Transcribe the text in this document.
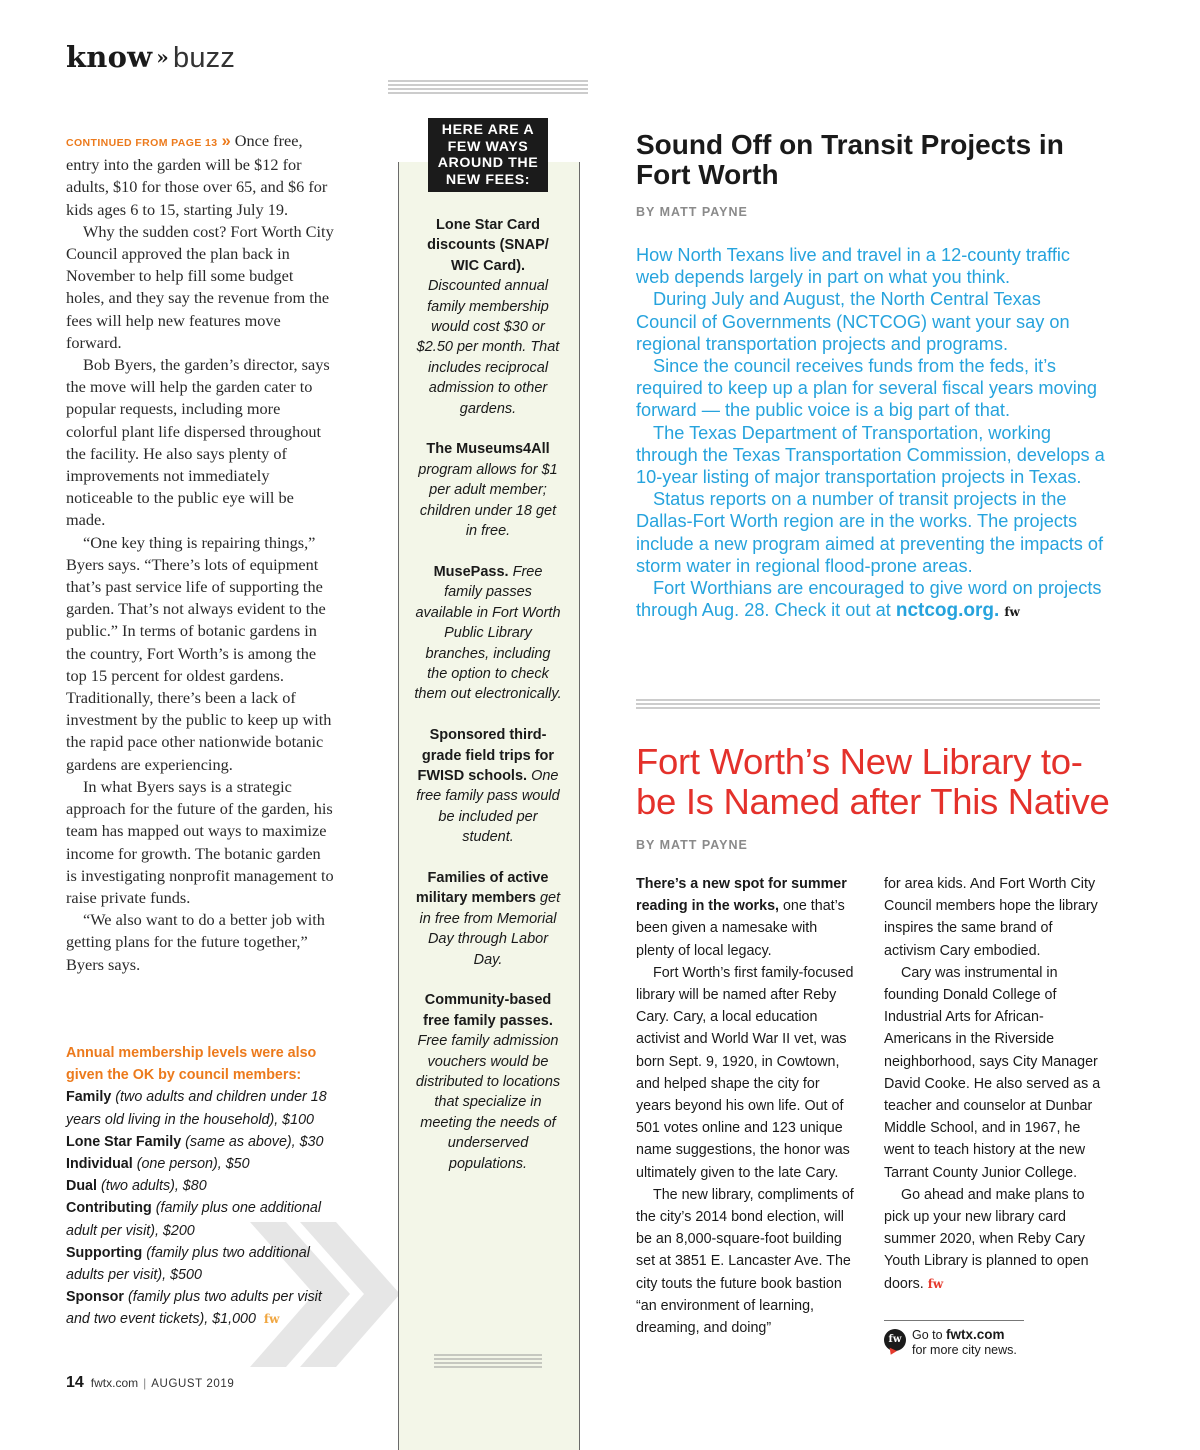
know » buzz

CONTINUED FROM PAGE 13 » Once free, entry into the garden will be $12 for adults, $10 for those over 65, and $6 for kids ages 6 to 15, starting July 19.

Why the sudden cost? Fort Worth City Council approved the plan back in November to help fill some budget holes, and they say the revenue from the fees will help new features move forward.

Bob Byers, the garden’s director, says the move will help the garden cater to popular requests, including more colorful plant life dispersed throughout the facility. He also says plenty of improvements not immediately noticeable to the public eye will be made.

“One key thing is repairing things,” Byers says. “There’s lots of equipment that’s past service life of supporting the garden. That’s not always evident to the public.” In terms of botanic gardens in the country, Fort Worth’s is among the top 15 percent for oldest gardens. Traditionally, there’s been a lack of investment by the public to keep up with the rapid pace other nationwide botanic gardens are experiencing.

In what Byers says is a strategic approach for the future of the garden, his team has mapped out ways to maximize income for growth. The botanic garden is investigating nonprofit management to raise private funds.

“We also want to do a better job with getting plans for the future together,” Byers says.

Annual membership levels were also given the OK by council members:
Family (two adults and children under 18 years old living in the household), $100
Lone Star Family (same as above), $30
Individual (one person), $50
Dual (two adults), $80
Contributing (family plus one additional adult per visit), $200
Supporting (family plus two additional adults per visit), $500
Sponsor (family plus two adults per visit and two event tickets), $1,000 fw
HERE ARE A FEW WAYS AROUND THE NEW FEES:
Lone Star Card discounts (SNAP/ WIC Card). Discounted annual family membership would cost $30 or $2.50 per month. That includes reciprocal admission to other gardens.
The Museums4All program allows for $1 per adult member; children under 18 get in free.
MusePass. Free family passes available in Fort Worth Public Library branches, including the option to check them out electronically.
Sponsored third-grade field trips for FWISD schools. One free family pass would be included per student.
Families of active military members get in free from Memorial Day through Labor Day.
Community-based free family passes. Free family admission vouchers would be distributed to locations that specialize in meeting the needs of underserved populations.
Sound Off on Transit Projects in Fort Worth
BY MATT PAYNE

How North Texans live and travel in a 12-county traffic web depends largely in part on what you think.

During July and August, the North Central Texas Council of Governments (NCTCOG) want your say on regional transportation projects and programs.

Since the council receives funds from the feds, it’s required to keep up a plan for several fiscal years moving forward — the public voice is a big part of that.

The Texas Department of Transportation, working through the Texas Transportation Commission, develops a 10-year listing of major transportation projects in Texas.

Status reports on a number of transit projects in the Dallas-Fort Worth region are in the works. The projects include a new program aimed at preventing the impacts of storm water in regional flood-prone areas.

Fort Worthians are encouraged to give word on projects through Aug. 28. Check it out at nctcog.org. fw

Fort Worth’s New Library to-be Is Named after This Native
BY MATT PAYNE

There’s a new spot for summer reading in the works, one that’s been given a namesake with plenty of local legacy.

Fort Worth’s first family-focused library will be named after Reby Cary. Cary, a local education activist and World War II vet, was born Sept. 9, 1920, in Cowtown, and helped shape the city for years beyond his own life. Out of 501 votes online and 123 unique name suggestions, the honor was ultimately given to the late Cary.

The new library, compliments of the city’s 2014 bond election, will be an 8,000-square-foot building set at 3851 E. Lancaster Ave. The city touts the future book bastion “an environment of learning, dreaming, and doing”

for area kids. And Fort Worth City Council members hope the library inspires the same brand of activism Cary embodied.

Cary was instrumental in founding Donald College of Industrial Arts for African-Americans in the Riverside neighborhood, says City Manager David Cooke. He also served as a teacher and counselor at Dunbar Middle School, and in 1967, he went to teach history at the new Tarrant County Junior College.

Go ahead and make plans to pick up your new library card summer 2020, when Reby Cary Youth Library is planned to open doors. fw

fw Go to fwtx.com
for more city news.
14 fwtx.com | AUGUST 2019
